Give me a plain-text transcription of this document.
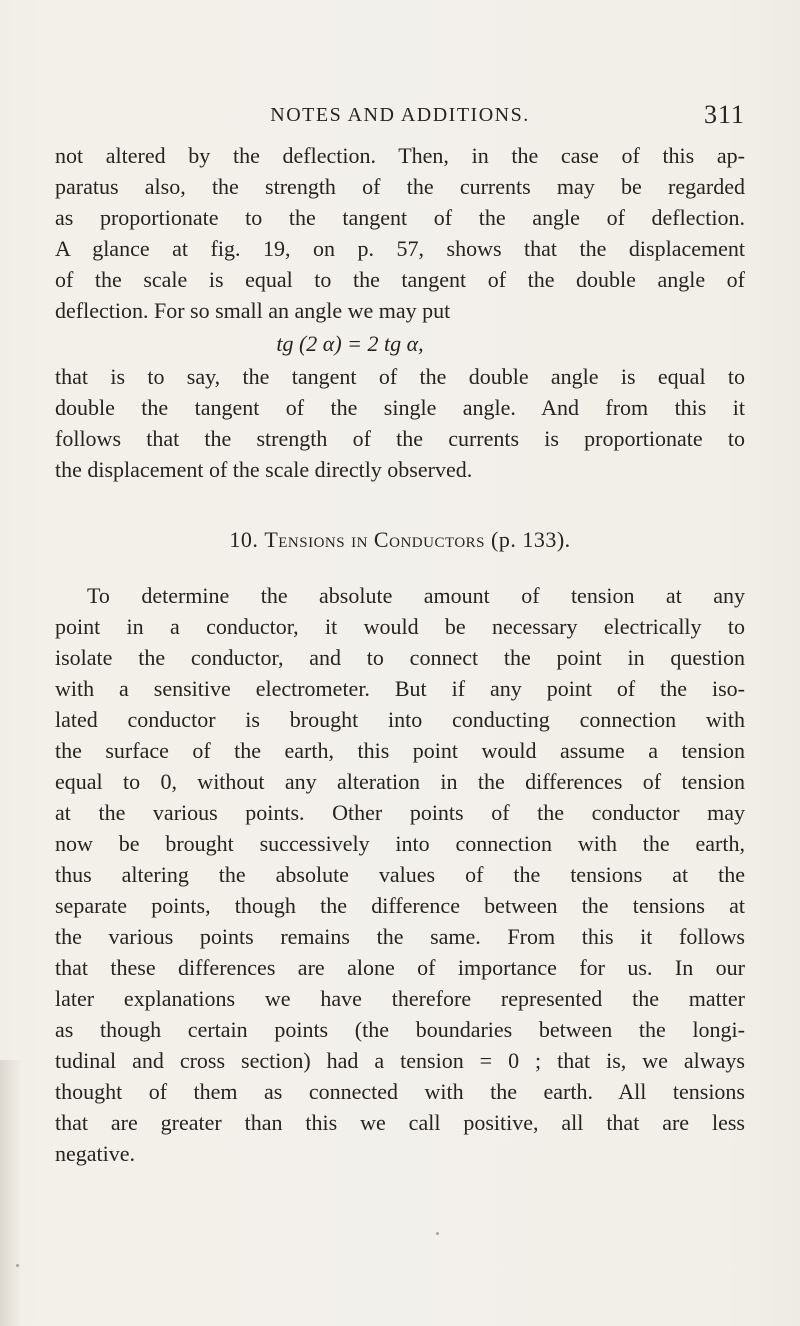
NOTES AND ADDITIONS.	311
not altered by the deflection. Then, in the case of this ap-
paratus also, the strength of the currents may be regarded
as proportionate to the tangent of the angle of deflection.
A glance at fig. 19, on p. 57, shows that the displacement
of the scale is equal to the tangent of the double angle of
deflection. For so small an angle we may put
tg (2 α) = 2 tg α,
that is to say, the tangent of the double angle is equal to
double the tangent of the single angle. And from this it
follows that the strength of the currents is proportionate to
the displacement of the scale directly observed.
10. Tensions in Conductors (p. 133).
To determine the absolute amount of tension at any
point in a conductor, it would be necessary electrically to
isolate the conductor, and to connect the point in question
with a sensitive electrometer. But if any point of the iso-
lated conductor is brought into conducting connection with
the surface of the earth, this point would assume a tension
equal to 0, without any alteration in the differences of tension
at the various points. Other points of the conductor may
now be brought successively into connection with the earth,
thus altering the absolute values of the tensions at the
separate points, though the difference between the tensions at
the various points remains the same. From this it follows
that these differences are alone of importance for us. In our
later explanations we have therefore represented the matter
as though certain points (the boundaries between the longi-
tudinal and cross section) had a tension = 0 ; that is, we always
thought of them as connected with the earth. All tensions
that are greater than this we call positive, all that are less
negative.
